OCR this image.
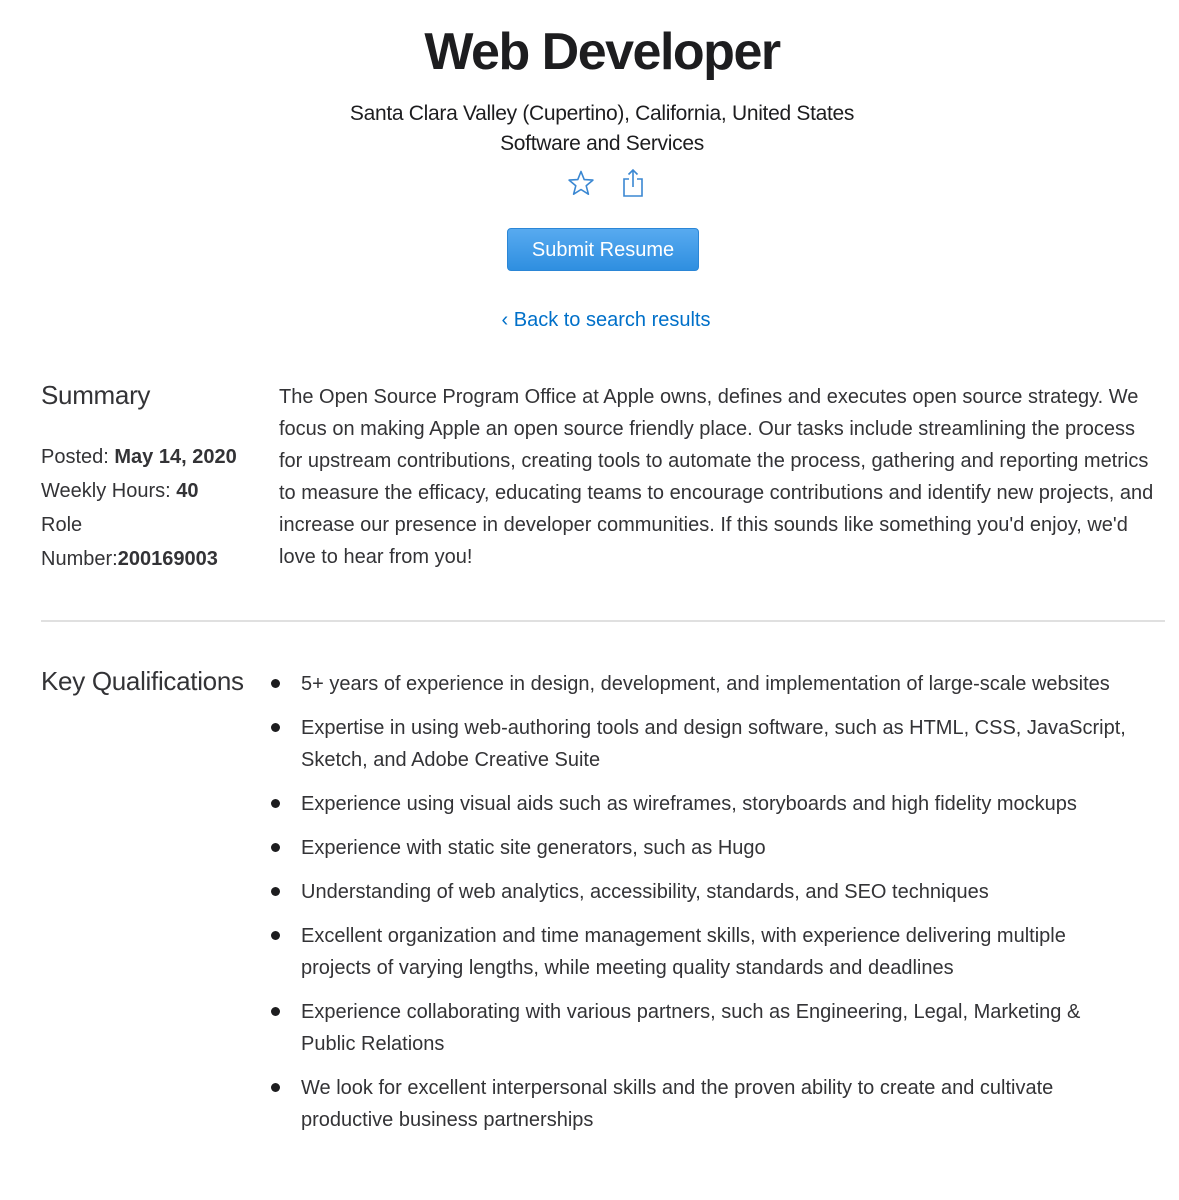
Web Developer
Santa Clara Valley (Cupertino), California, United States
Software and Services
Submit Resume
‹ Back to search results
Summary
Posted: May 14, 2020
Weekly Hours: 40
Role
Number:200169003

The Open Source Program Office at Apple owns, defines and executes open source strategy. We focus on making Apple an open source friendly place. Our tasks include streamlining the process for upstream contributions, creating tools to automate the process, gathering and reporting metrics to measure the efficacy, educating teams to encourage contributions and identify new projects, and increase our presence in developer communities. If this sounds like something you'd enjoy, we'd love to hear from you!

Key Qualifications	5+ years of experience in design, development, and implementation of large-scale websites
Expertise in using web-authoring tools and design software, such as HTML, CSS, JavaScript, Sketch, and Adobe Creative Suite
Experience using visual aids such as wireframes, storyboards and high fidelity mockups
Experience with static site generators, such as Hugo
Understanding of web analytics, accessibility, standards, and SEO techniques
Excellent organization and time management skills, with experience delivering multiple projects of varying lengths, while meeting quality standards and deadlines
Experience collaborating with various partners, such as Engineering, Legal, Marketing & Public Relations
We look for excellent interpersonal skills and the proven ability to create and cultivate productive business partnerships
